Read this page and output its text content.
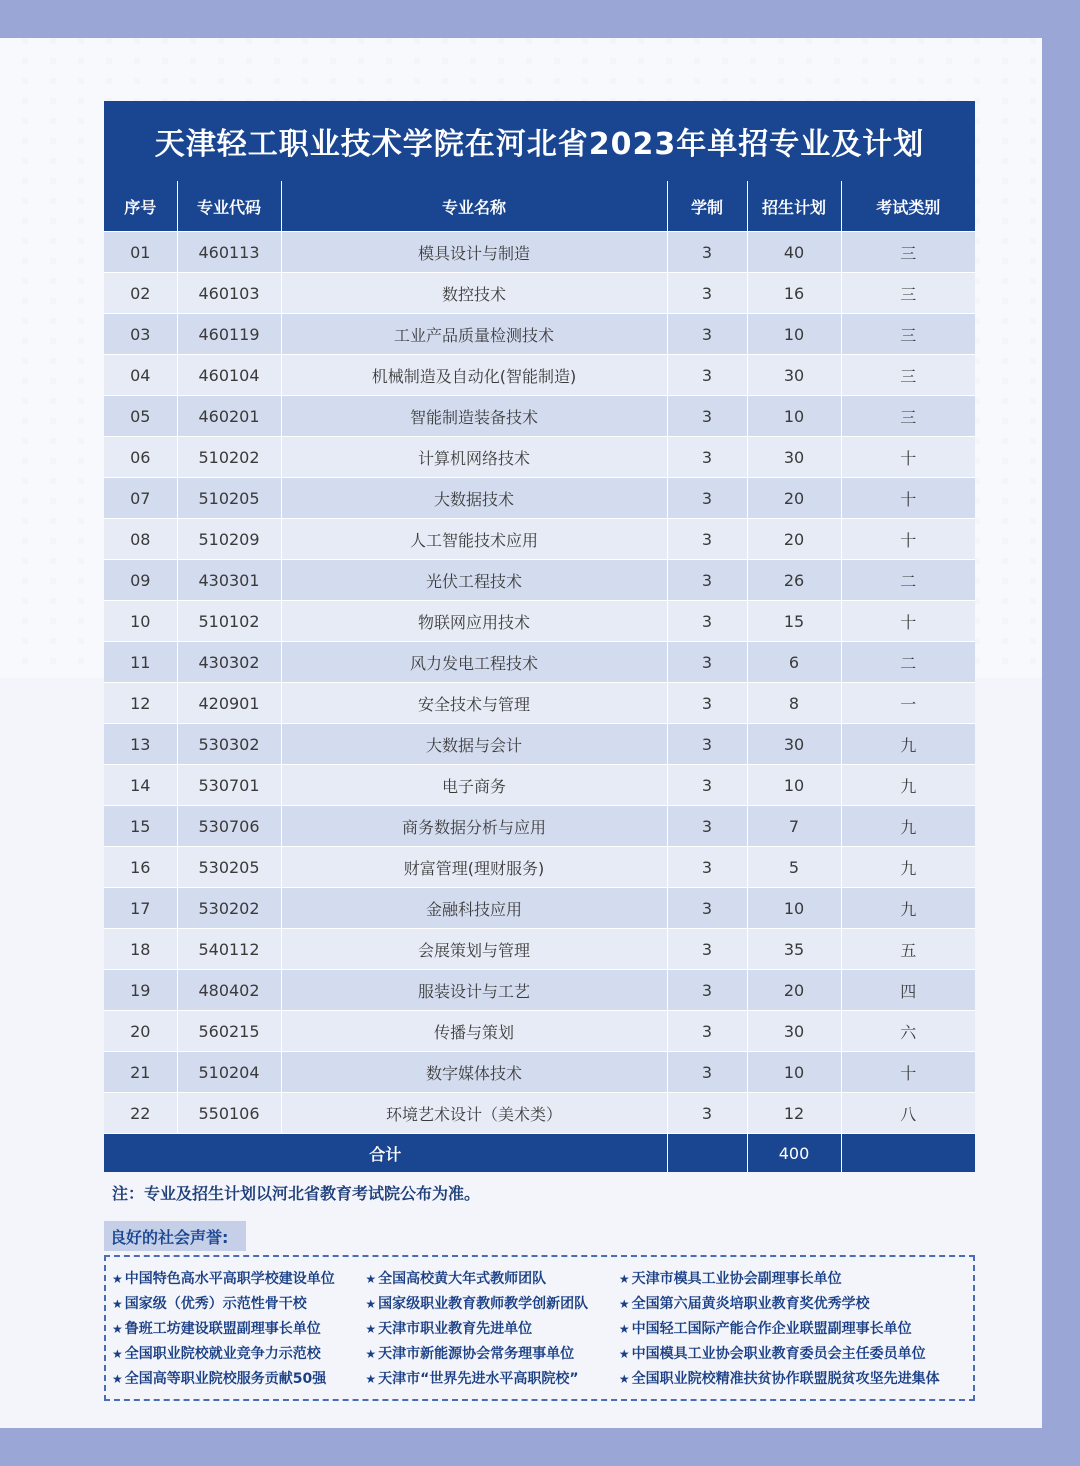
天津轻工职业技术学院在河北省2023年单招专业及计划
序号	专业代码	专业名称	学制	招生计划	考试类别
01	460113	模具设计与制造	3	40	三
02	460103	数控技术	3	16	三
03	460119	工业产品质量检测技术	3	10	三
04	460104	机械制造及自动化(智能制造)	3	30	三
05	460201	智能制造装备技术	3	10	三
06	510202	计算机网络技术	3	30	十
07	510205	大数据技术	3	20	十
08	510209	人工智能技术应用	3	20	十
09	430301	光伏工程技术	3	26	二
10	510102	物联网应用技术	3	15	十
11	430302	风力发电工程技术	3	6	二
12	420901	安全技术与管理	3	8	一
13	530302	大数据与会计	3	30	九
14	530701	电子商务	3	10	九
15	530706	商务数据分析与应用	3	7	九
16	530205	财富管理(理财服务)	3	5	九
17	530202	金融科技应用	3	10	九
18	540112	会展策划与管理	3	35	五
19	480402	服装设计与工艺	3	20	四
20	560215	传播与策划	3	30	六
21	510204	数字媒体技术	3	10	十
22	550106	环境艺术设计（美术类）	3	12	八
合计				400	
注：专业及招生计划以河北省教育考试院公布为准。
良好的社会声誉:
★ 中国特色高水平高职学校建设单位
★ 国家级（优秀）示范性骨干校
★ 鲁班工坊建设联盟副理事长单位
★ 全国职业院校就业竞争力示范校
★ 全国高等职业院校服务贡献50强
★ 全国高校黄大年式教师团队
★ 国家级职业教育教师教学创新团队
★ 天津市职业教育先进单位
★ 天津市新能源协会常务理事单位
★ 天津市“世界先进水平高职院校”
★ 天津市模具工业协会副理事长单位
★ 全国第六届黄炎培职业教育奖优秀学校
★ 中国轻工国际产能合作企业联盟副理事长单位
★ 中国模具工业协会职业教育委员会主任委员单位
★ 全国职业院校精准扶贫协作联盟脱贫攻坚先进集体
